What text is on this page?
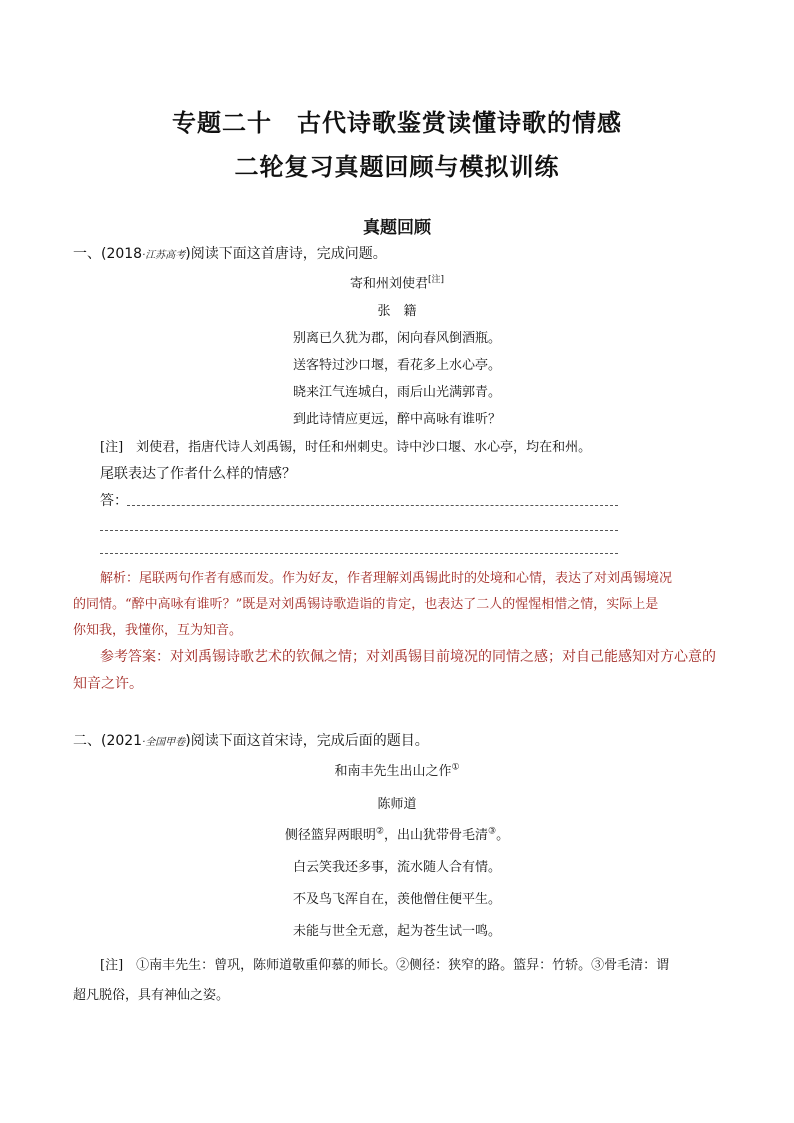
专题二十　古代诗歌鉴赏读懂诗歌的情感
二轮复习真题回顾与模拟训练
真题回顾
一、(2018·江苏高考)阅读下面这首唐诗，完成问题。
寄和州刘使君[注]
张　籍
别离已久犹为郡，闲向春风倒酒瓶。
送客特过沙口堰，看花多上水心亭。
晓来江气连城白，雨后山光满郭青。
到此诗情应更远，醉中高咏有谁听？
[注]　刘使君，指唐代诗人刘禹锡，时任和州刺史。诗中沙口堰、水心亭，均在和州。
尾联表达了作者什么样的情感？
答：
解析：尾联两句作者有感而发。作为好友，作者理解刘禹锡此时的处境和心情，表达了对刘禹锡境况
的同情。“醉中高咏有谁听？”既是对刘禹锡诗歌造诣的肯定，也表达了二人的惺惺相惜之情，实际上是
你知我，我懂你，互为知音。
参考答案：对刘禹锡诗歌艺术的钦佩之情；对刘禹锡目前境况的同情之感；对自己能感知对方心意的
知音之许。
二、(2021·全国甲卷)阅读下面这首宋诗，完成后面的题目。
和南丰先生出山之作①
陈师道
侧径篮舁两眼明②，出山犹带骨毛清③。
白云笑我还多事，流水随人合有情。
不及鸟飞浑自在，羡他僧住便平生。
未能与世全无意，起为苍生试一鸣。
[注]　①南丰先生：曾巩，陈师道敬重仰慕的师长。②侧径：狭窄的路。篮舁：竹轿。③骨毛清：谓
超凡脱俗，具有神仙之姿。
